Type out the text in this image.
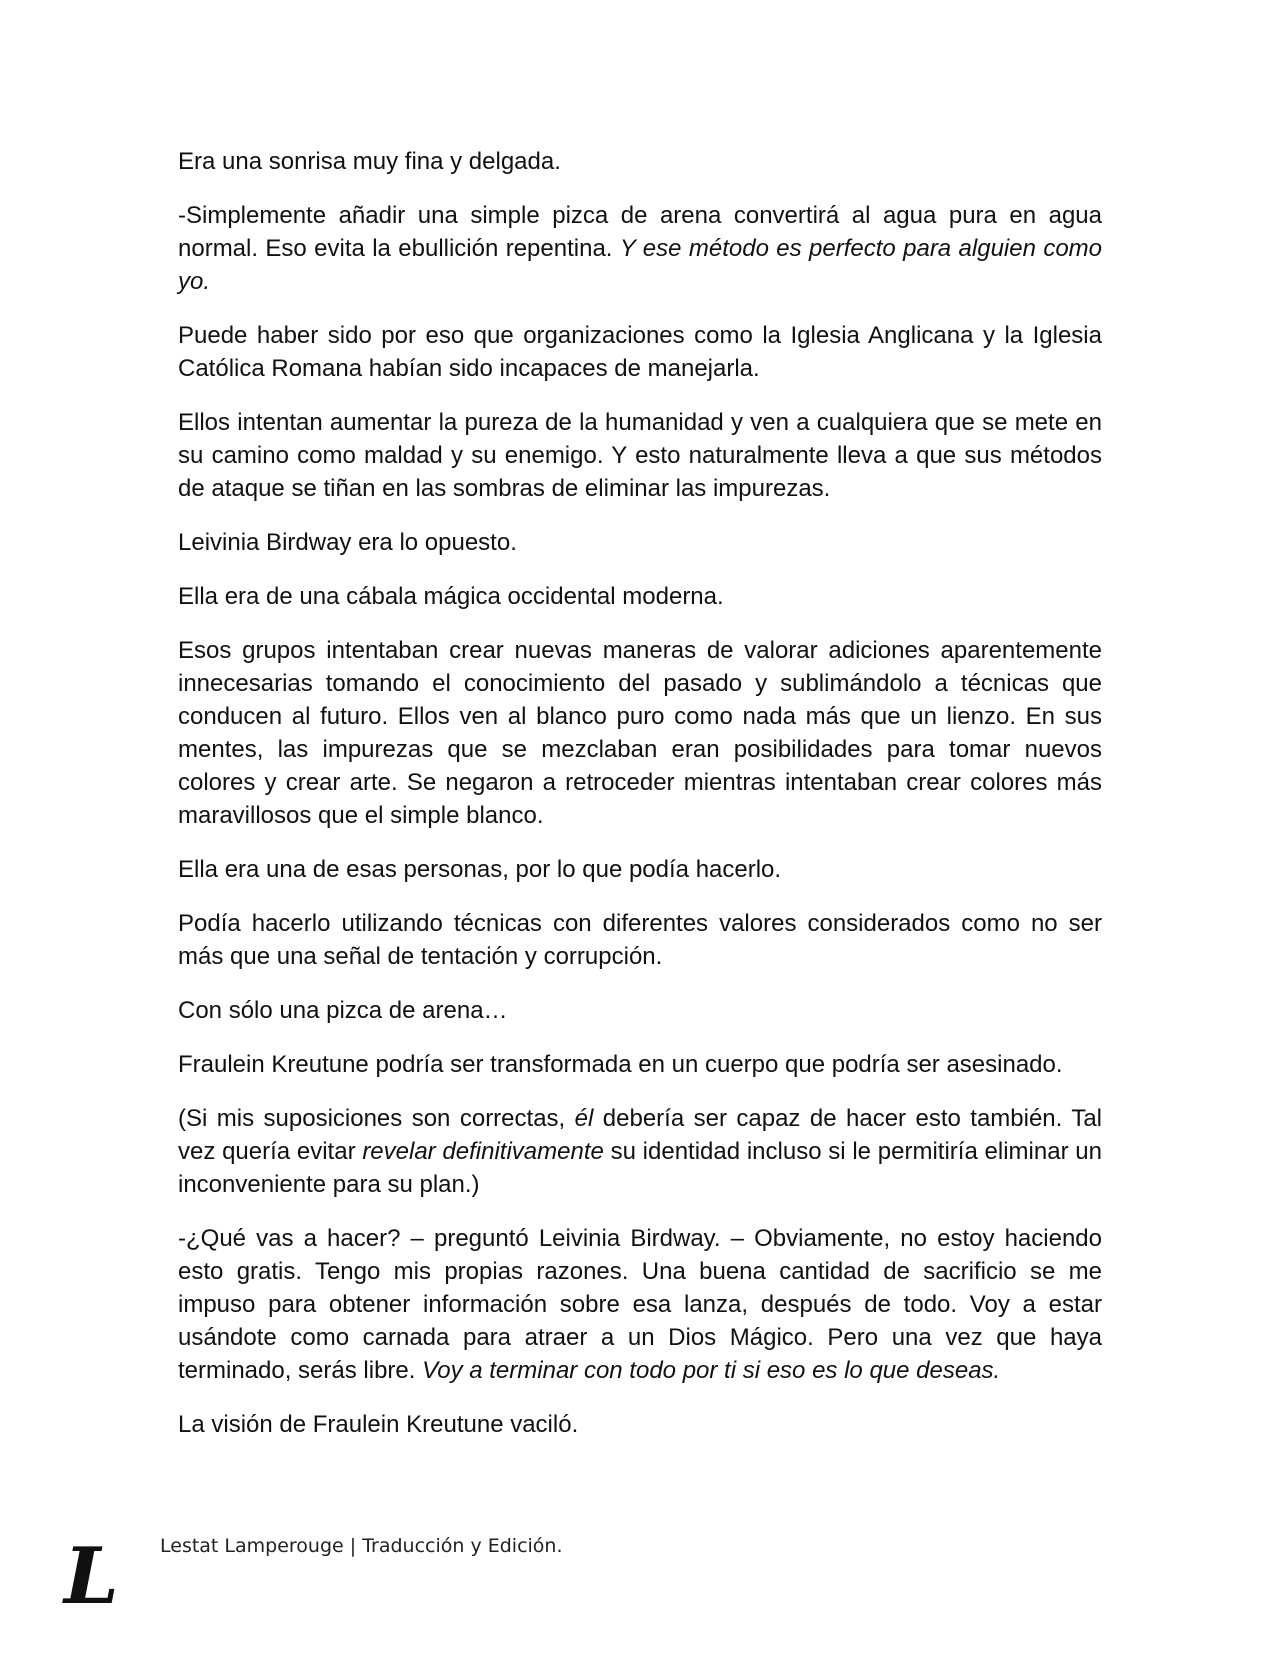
Era una sonrisa muy fina y delgada.

-Simplemente añadir una simple pizca de arena convertirá al agua pura en agua normal. Eso evita la ebullición repentina. Y ese método es perfecto para alguien como yo.

Puede haber sido por eso que organizaciones como la Iglesia Anglicana y la Iglesia Católica Romana habían sido incapaces de manejarla.

Ellos intentan aumentar la pureza de la humanidad y ven a cualquiera que se mete en su camino como maldad y su enemigo. Y esto naturalmente lleva a que sus métodos de ataque se tiñan en las sombras de eliminar las impurezas.

Leivinia Birdway era lo opuesto.

Ella era de una cábala mágica occidental moderna.

Esos grupos intentaban crear nuevas maneras de valorar adiciones aparentemente innecesarias tomando el conocimiento del pasado y sublimándolo a técnicas que conducen al futuro. Ellos ven al blanco puro como nada más que un lienzo. En sus mentes, las impurezas que se mezclaban eran posibilidades para tomar nuevos colores y crear arte. Se negaron a retroceder mientras intentaban crear colores más maravillosos que el simple blanco.

Ella era una de esas personas, por lo que podía hacerlo.

Podía hacerlo utilizando técnicas con diferentes valores considerados como no ser más que una señal de tentación y corrupción.

Con sólo una pizca de arena…

Fraulein Kreutune podría ser transformada en un cuerpo que podría ser asesinado.

(Si mis suposiciones son correctas, él debería ser capaz de hacer esto también. Tal vez quería evitar revelar definitivamente su identidad incluso si le permitiría eliminar un inconveniente para su plan.)

-¿Qué vas a hacer? – preguntó Leivinia Birdway. – Obviamente, no estoy haciendo esto gratis. Tengo mis propias razones. Una buena cantidad de sacrificio se me impuso para obtener información sobre esa lanza, después de todo. Voy a estar usándote como carnada para atraer a un Dios Mágico. Pero una vez que haya terminado, serás libre. Voy a terminar con todo por ti si eso es lo que deseas.

La visión de Fraulein Kreutune vaciló.

L Lestat Lamperouge | Traducción y Edición.
